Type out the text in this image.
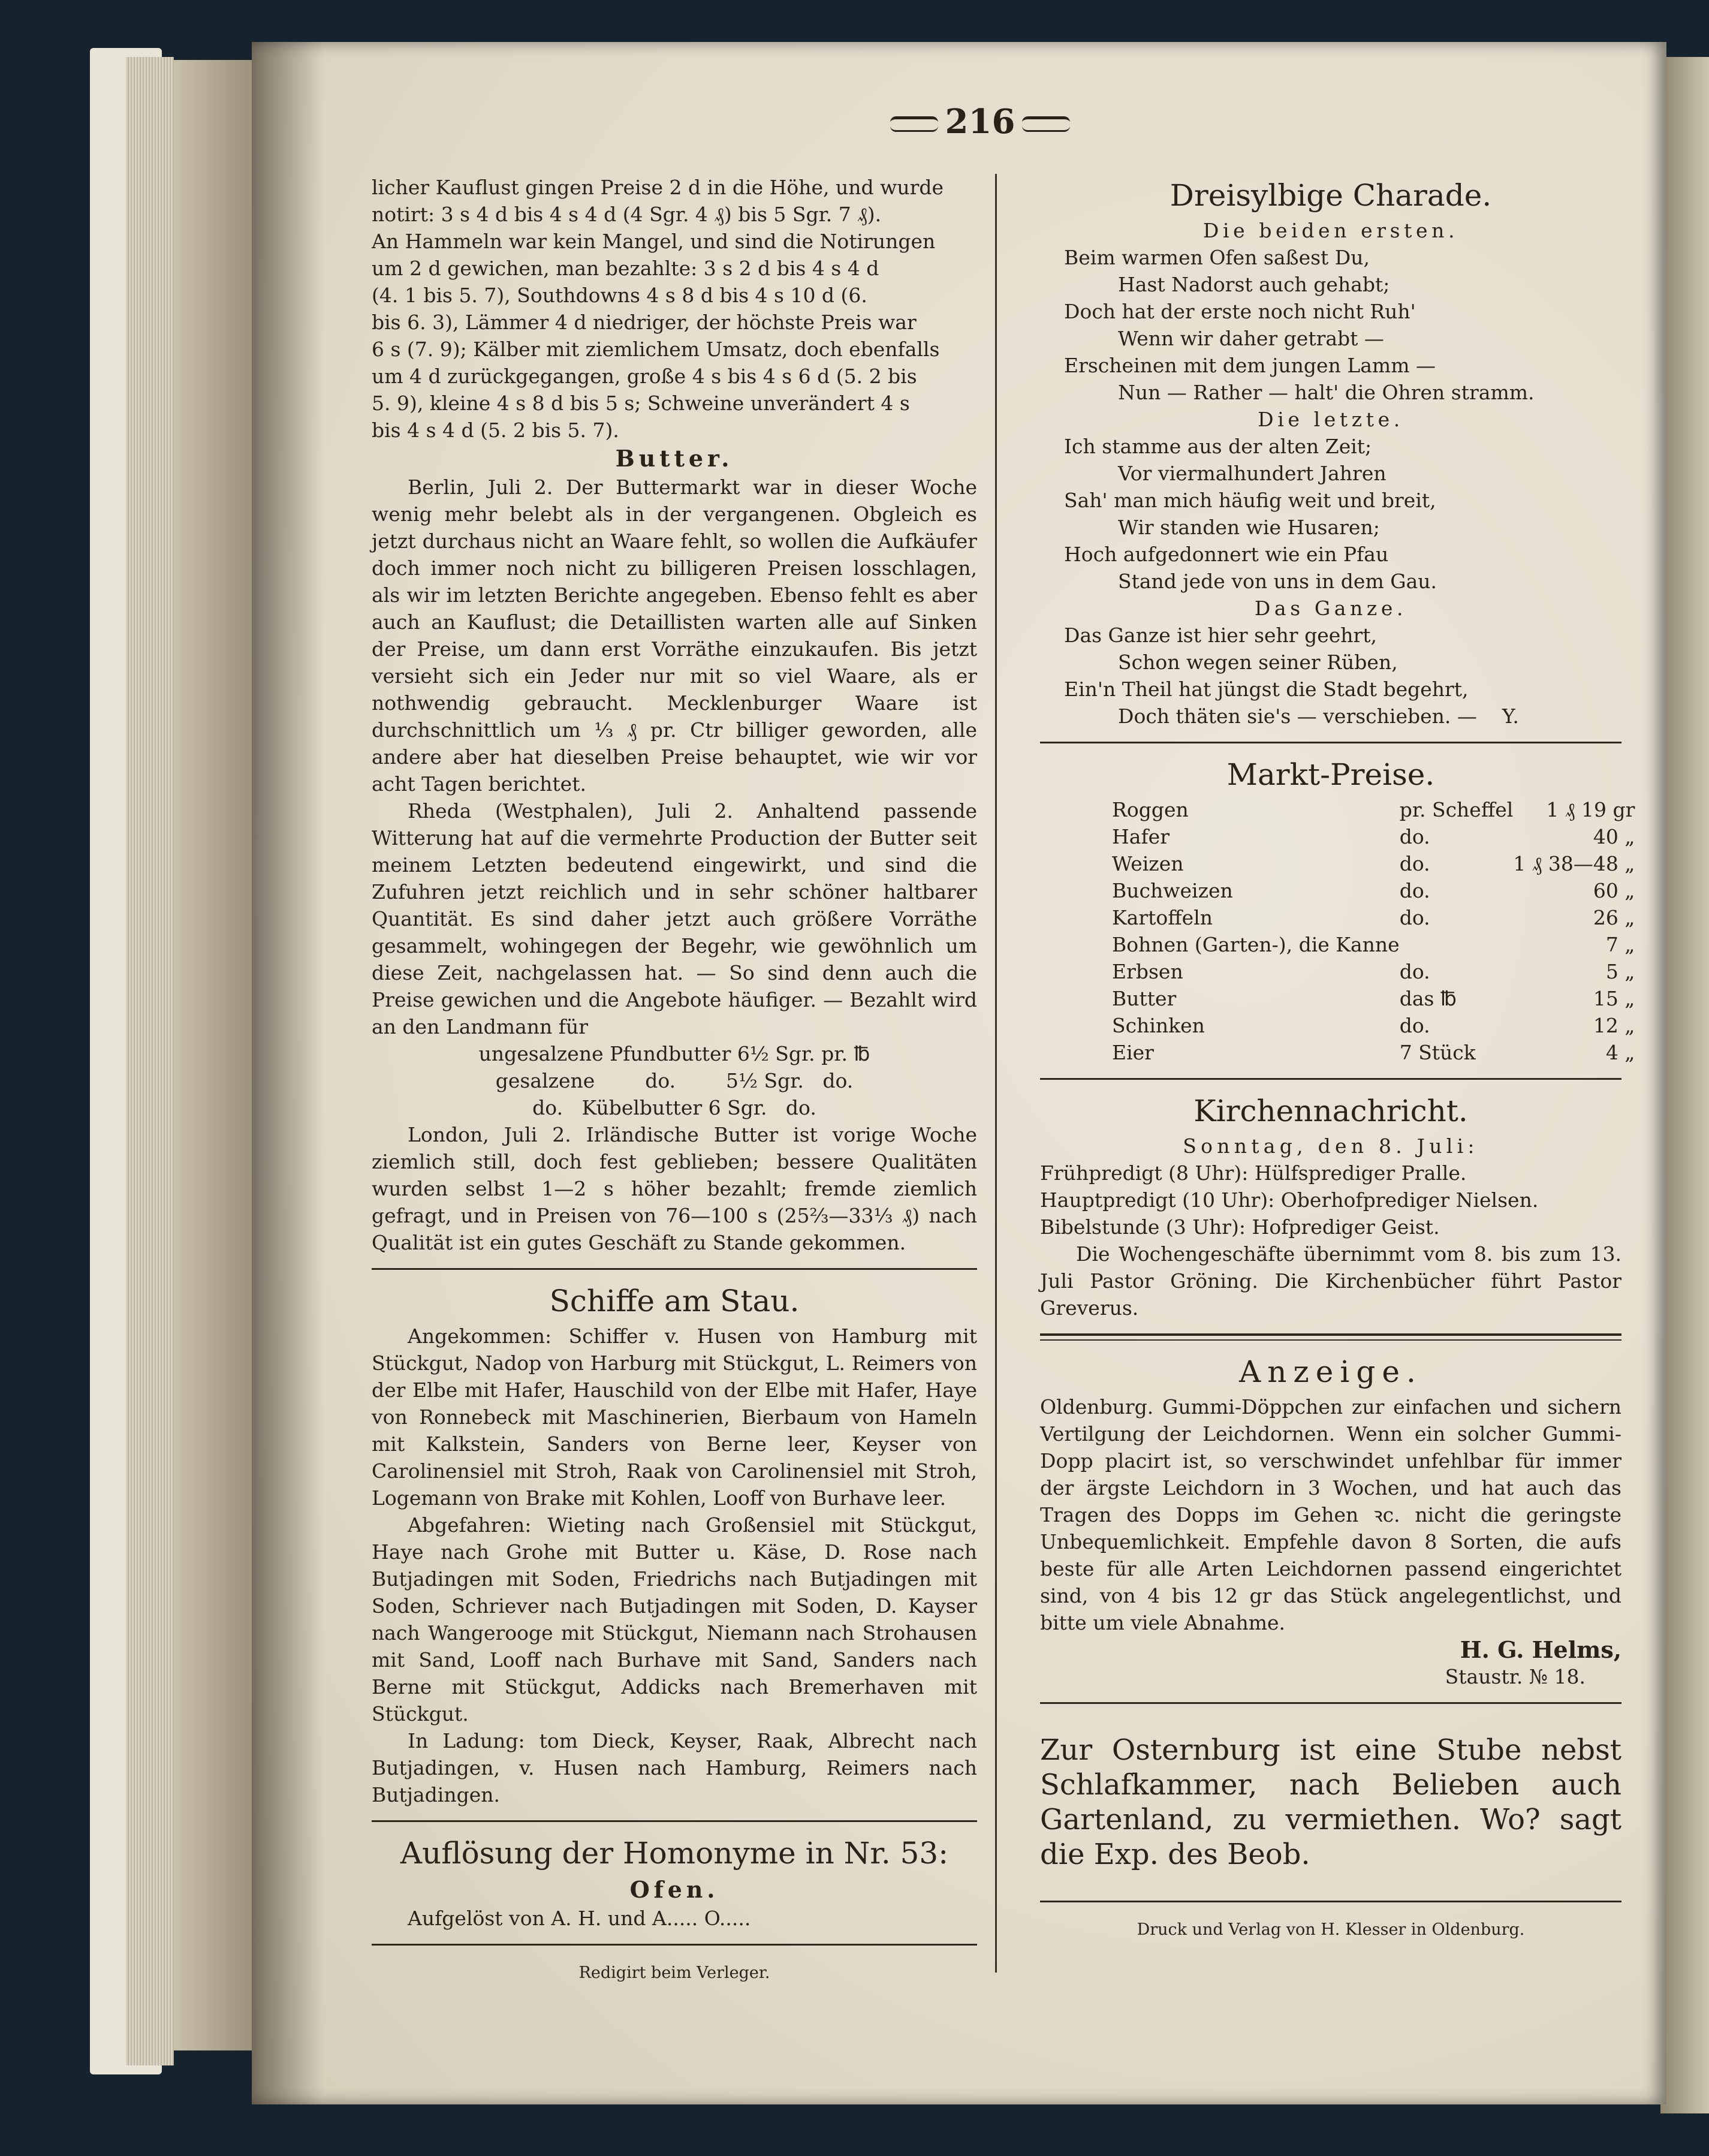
216

licher Kauflust gingen Preise 2 d in die Höhe, und wurde

notirt: 3 s 4 d bis 4 s 4 d (4 Sgr. 4 ₰) bis 5 Sgr. 7 ₰).

An Hammeln war kein Mangel, und sind die Notirungen

um 2 d gewichen, man bezahlte: 3 s 2 d bis 4 s 4 d

(4. 1 bis 5. 7), Southdowns 4 s 8 d bis 4 s 10 d (6.

bis 6. 3), Lämmer 4 d niedriger, der höchste Preis war

6 s (7. 9); Kälber mit ziemlichem Umsatz, doch ebenfalls

um 4 d zurückgegangen, große 4 s bis 4 s 6 d (5. 2 bis

5. 9), kleine 4 s 8 d bis 5 s; Schweine unverändert 4 s

bis 4 s 4 d (5. 2 bis 5. 7).

Butter.

Berlin, Juli 2. Der Buttermarkt war in dieser Woche wenig mehr belebt als in der vergangenen. Obgleich es jetzt durchaus nicht an Waare fehlt, so wollen die Aufkäufer doch immer noch nicht zu billigeren Preisen losschlagen, als wir im letzten Berichte angegeben. Ebenso fehlt es aber auch an Kauflust; die Detaillisten warten alle auf Sinken der Preise, um dann erst Vorräthe einzukaufen. Bis jetzt versieht sich ein Jeder nur mit so viel Waare, als er nothwendig gebraucht. Mecklenburger Waare ist durchschnittlich um ⅓ ₰ pr. Ctr billiger geworden, alle andere aber hat dieselben Preise behauptet, wie wir vor acht Tagen berichtet.

Rheda (Westphalen), Juli 2. Anhaltend passende Witterung hat auf die vermehrte Production der Butter seit meinem Letzten bedeutend eingewirkt, und sind die Zufuhren jetzt reichlich und in sehr schöner haltbarer Quantität. Es sind daher jetzt auch größere Vorräthe gesammelt, wohingegen der Begehr, wie gewöhnlich um diese Zeit, nachgelassen hat. — So sind denn auch die Preise gewichen und die Angebote häufiger. — Bezahlt wird an den Landmann für

ungesalzene Pfundbutter 6½ Sgr. pr. ℔

gesalzene        do.        5½ Sgr.   do.

do.   Kübelbutter 6 Sgr.   do.

London, Juli 2. Irländische Butter ist vorige Woche ziemlich still, doch fest geblieben; bessere Qualitäten wurden selbst 1—2 s höher bezahlt; fremde ziemlich gefragt, und in Preisen von 76—100 s (25⅔—33⅓ ₰) nach Qualität ist ein gutes Geschäft zu Stande gekommen.

Schiffe am Stau.

Angekommen: Schiffer v. Husen von Hamburg mit Stückgut, Nadop von Harburg mit Stückgut, L. Reimers von der Elbe mit Hafer, Hauschild von der Elbe mit Hafer, Haye von Ronnebeck mit Maschinerien, Bierbaum von Hameln mit Kalkstein, Sanders von Berne leer, Keyser von Carolinensiel mit Stroh, Raak von Carolinensiel mit Stroh, Logemann von Brake mit Kohlen, Looff von Burhave leer.

Abgefahren: Wieting nach Großensiel mit Stückgut, Haye nach Grohe mit Butter u. Käse, D. Rose nach Butjadingen mit Soden, Friedrichs nach Butjadingen mit Soden, Schriever nach Butjadingen mit Soden, D. Kayser nach Wangerooge mit Stückgut, Niemann nach Strohausen mit Sand, Looff nach Burhave mit Sand, Sanders nach Berne mit Stückgut, Addicks nach Bremerhaven mit Stückgut.

In Ladung: tom Dieck, Keyser, Raak, Albrecht nach Butjadingen, v. Husen nach Hamburg, Reimers nach Butjadingen.

Auflösung der Homonyme in Nr. 53:

Ofen.

Aufgelöst von A. H. und A..... O.....

Redigirt beim Verleger.

Dreisylbige Charade.

Die beiden ersten.

Beim warmen Ofen saßest Du,

Hast Nadorst auch gehabt;

Doch hat der erste noch nicht Ruh'

Wenn wir daher getrabt —

Erscheinen mit dem jungen Lamm —

Nun — Rather — halt' die Ohren stramm.

Die letzte.

Ich stamme aus der alten Zeit;

Vor viermalhundert Jahren

Sah' man mich häufig weit und breit,

Wir standen wie Husaren;

Hoch aufgedonnert wie ein Pfau

Stand jede von uns in dem Gau.

Das Ganze.

Das Ganze ist hier sehr geehrt,

Schon wegen seiner Rüben,

Ein'n Theil hat jüngst die Stadt begehrt,

Doch thäten sie's — verschieben. —    Y.

Markt-Preise.

Roggen	pr. Scheffel	1 ₰ 19 gr
Hafer	do.	40 „
Weizen	do.	1 ₰ 38—48 „
Buchweizen	do.	60 „
Kartoffeln	do.	26 „
Bohnen (Garten-), die Kanne		7 „
Erbsen	do.	5 „
Butter	das ℔	15 „
Schinken	do.	12 „
Eier	7 Stück	4 „

Kirchennachricht.

Sonntag, den 8. Juli:

Frühpredigt (8 Uhr): Hülfsprediger Pralle.

Hauptpredigt (10 Uhr): Oberhofprediger Nielsen.

Bibelstunde (3 Uhr): Hofprediger Geist.

Die Wochengeschäfte übernimmt vom 8. bis zum 13. Juli Pastor Gröning. Die Kirchenbücher führt Pastor Greverus.

Anzeige.

Oldenburg. Gummi-Döppchen zur einfachen und sichern Vertilgung der Leichdornen. Wenn ein solcher Gummi-Dopp placirt ist, so verschwindet unfehlbar für immer der ärgste Leichdorn in 3 Wochen, und hat auch das Tragen des Dopps im Gehen ꝛc. nicht die geringste Unbequemlichkeit. Empfehle davon 8 Sorten, die aufs beste für alle Arten Leichdornen passend eingerichtet sind, von 4 bis 12 gr das Stück angelegentlichst, und bitte um viele Abnahme.

H. G. Helms,

Staustr. № 18.

Zur Osternburg ist eine Stube nebst Schlafkammer, nach Belieben auch Gartenland, zu vermiethen. Wo? sagt die Exp. des Beob.

Druck und Verlag von H. Klesser in Oldenburg.
